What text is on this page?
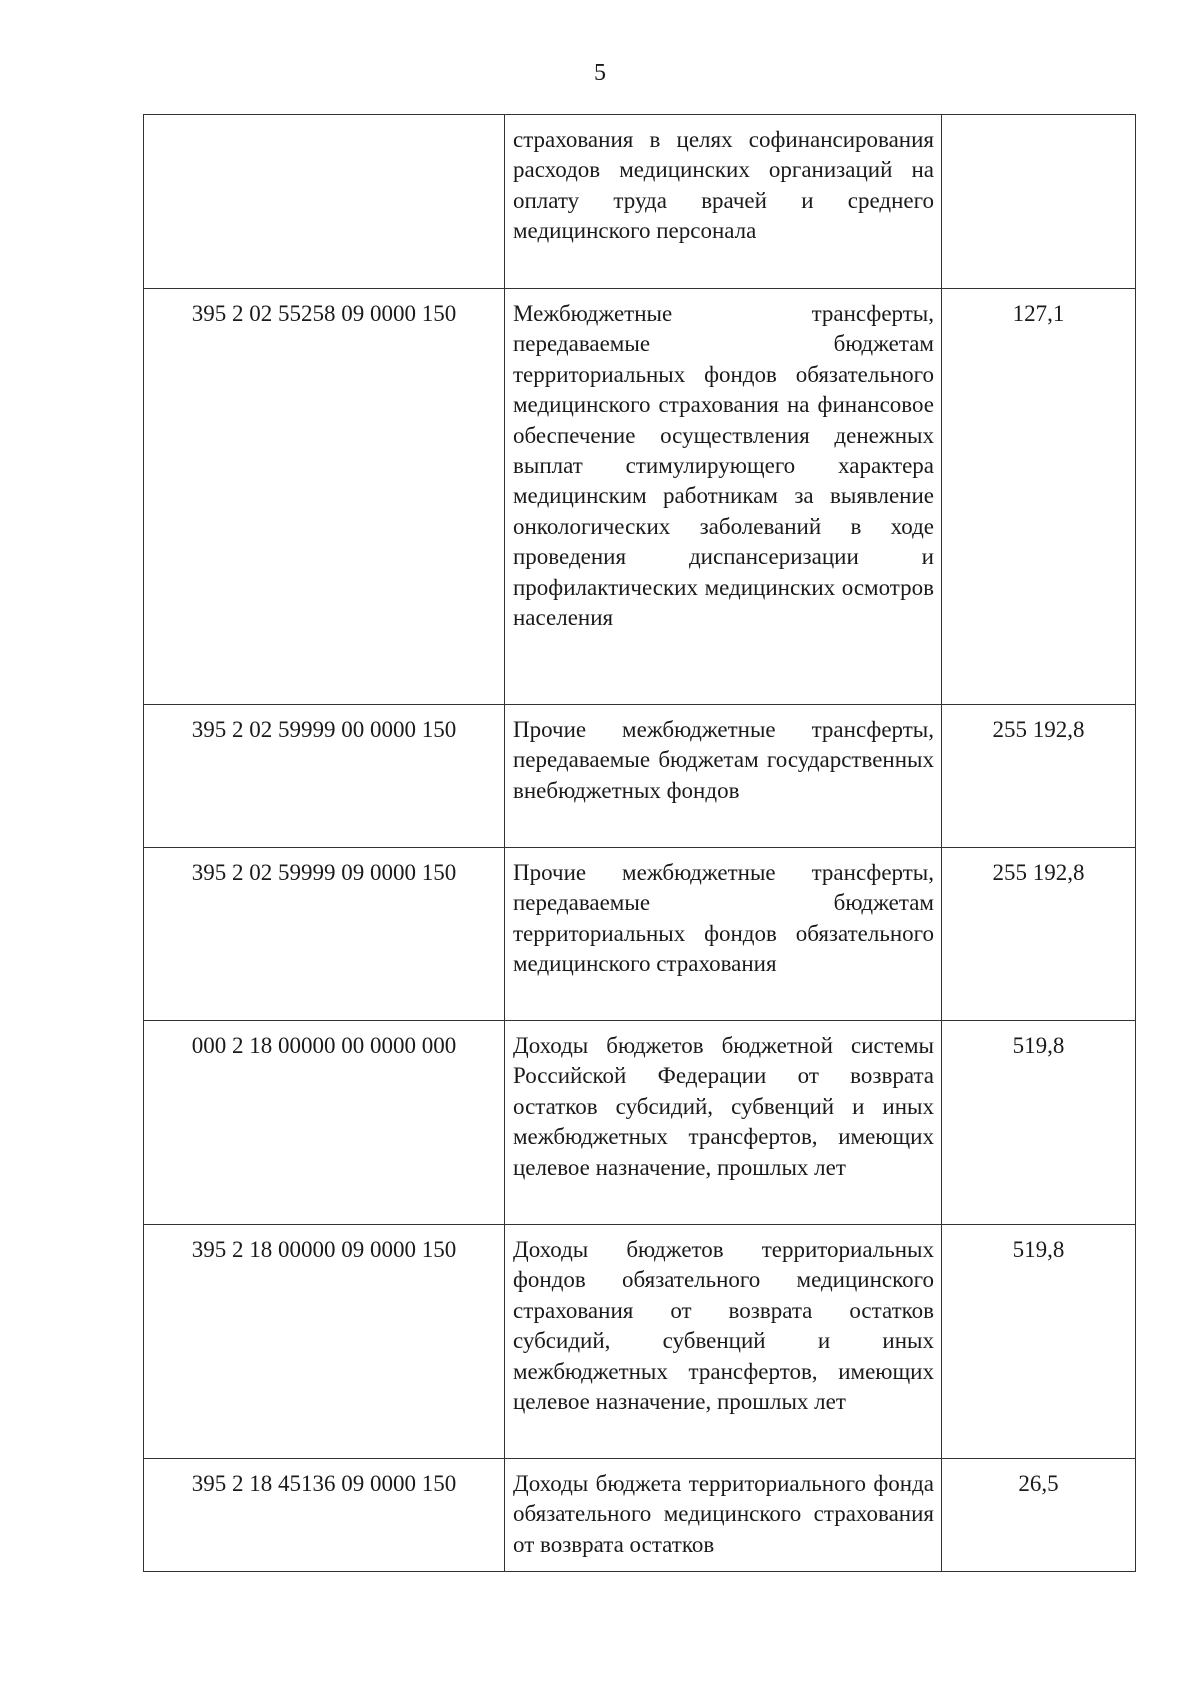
5
	страхования в целях софинансирования расходов медицинских организаций на оплату труда врачей и среднего медицинского персонала	
395 2 02 55258 09 0000 150	Межбюджетные трансферты, передаваемые бюджетам территориальных фондов обязательного медицинского страхования на финансовое обеспечение осуществления денежных выплат стимулирующего характера медицинским работникам за выявление онкологических заболеваний в ходе проведения диспансеризации и профилактических медицинских осмотров населения	127,1
395 2 02 59999 00 0000 150	Прочие межбюджетные трансферты, передаваемые бюджетам государственных внебюджетных фондов	255 192,8
395 2 02 59999 09 0000 150	Прочие межбюджетные трансферты, передаваемые бюджетам территориальных фондов обязательного медицинского страхования	255 192,8
000 2 18 00000 00 0000 000	Доходы бюджетов бюджетной системы Российской Федерации от возврата остатков субсидий, субвенций и иных межбюджетных трансфертов, имеющих целевое назначение, прошлых лет	519,8
395 2 18 00000 09 0000 150	Доходы бюджетов территориальных фондов обязательного медицинского страхования от возврата остатков субсидий, субвенций и иных межбюджетных трансфертов, имеющих целевое назначение, прошлых лет	519,8
395 2 18 45136 09 0000 150	Доходы бюджета территориального фонда обязательного медицинского страхования от возврата остатков	26,5
